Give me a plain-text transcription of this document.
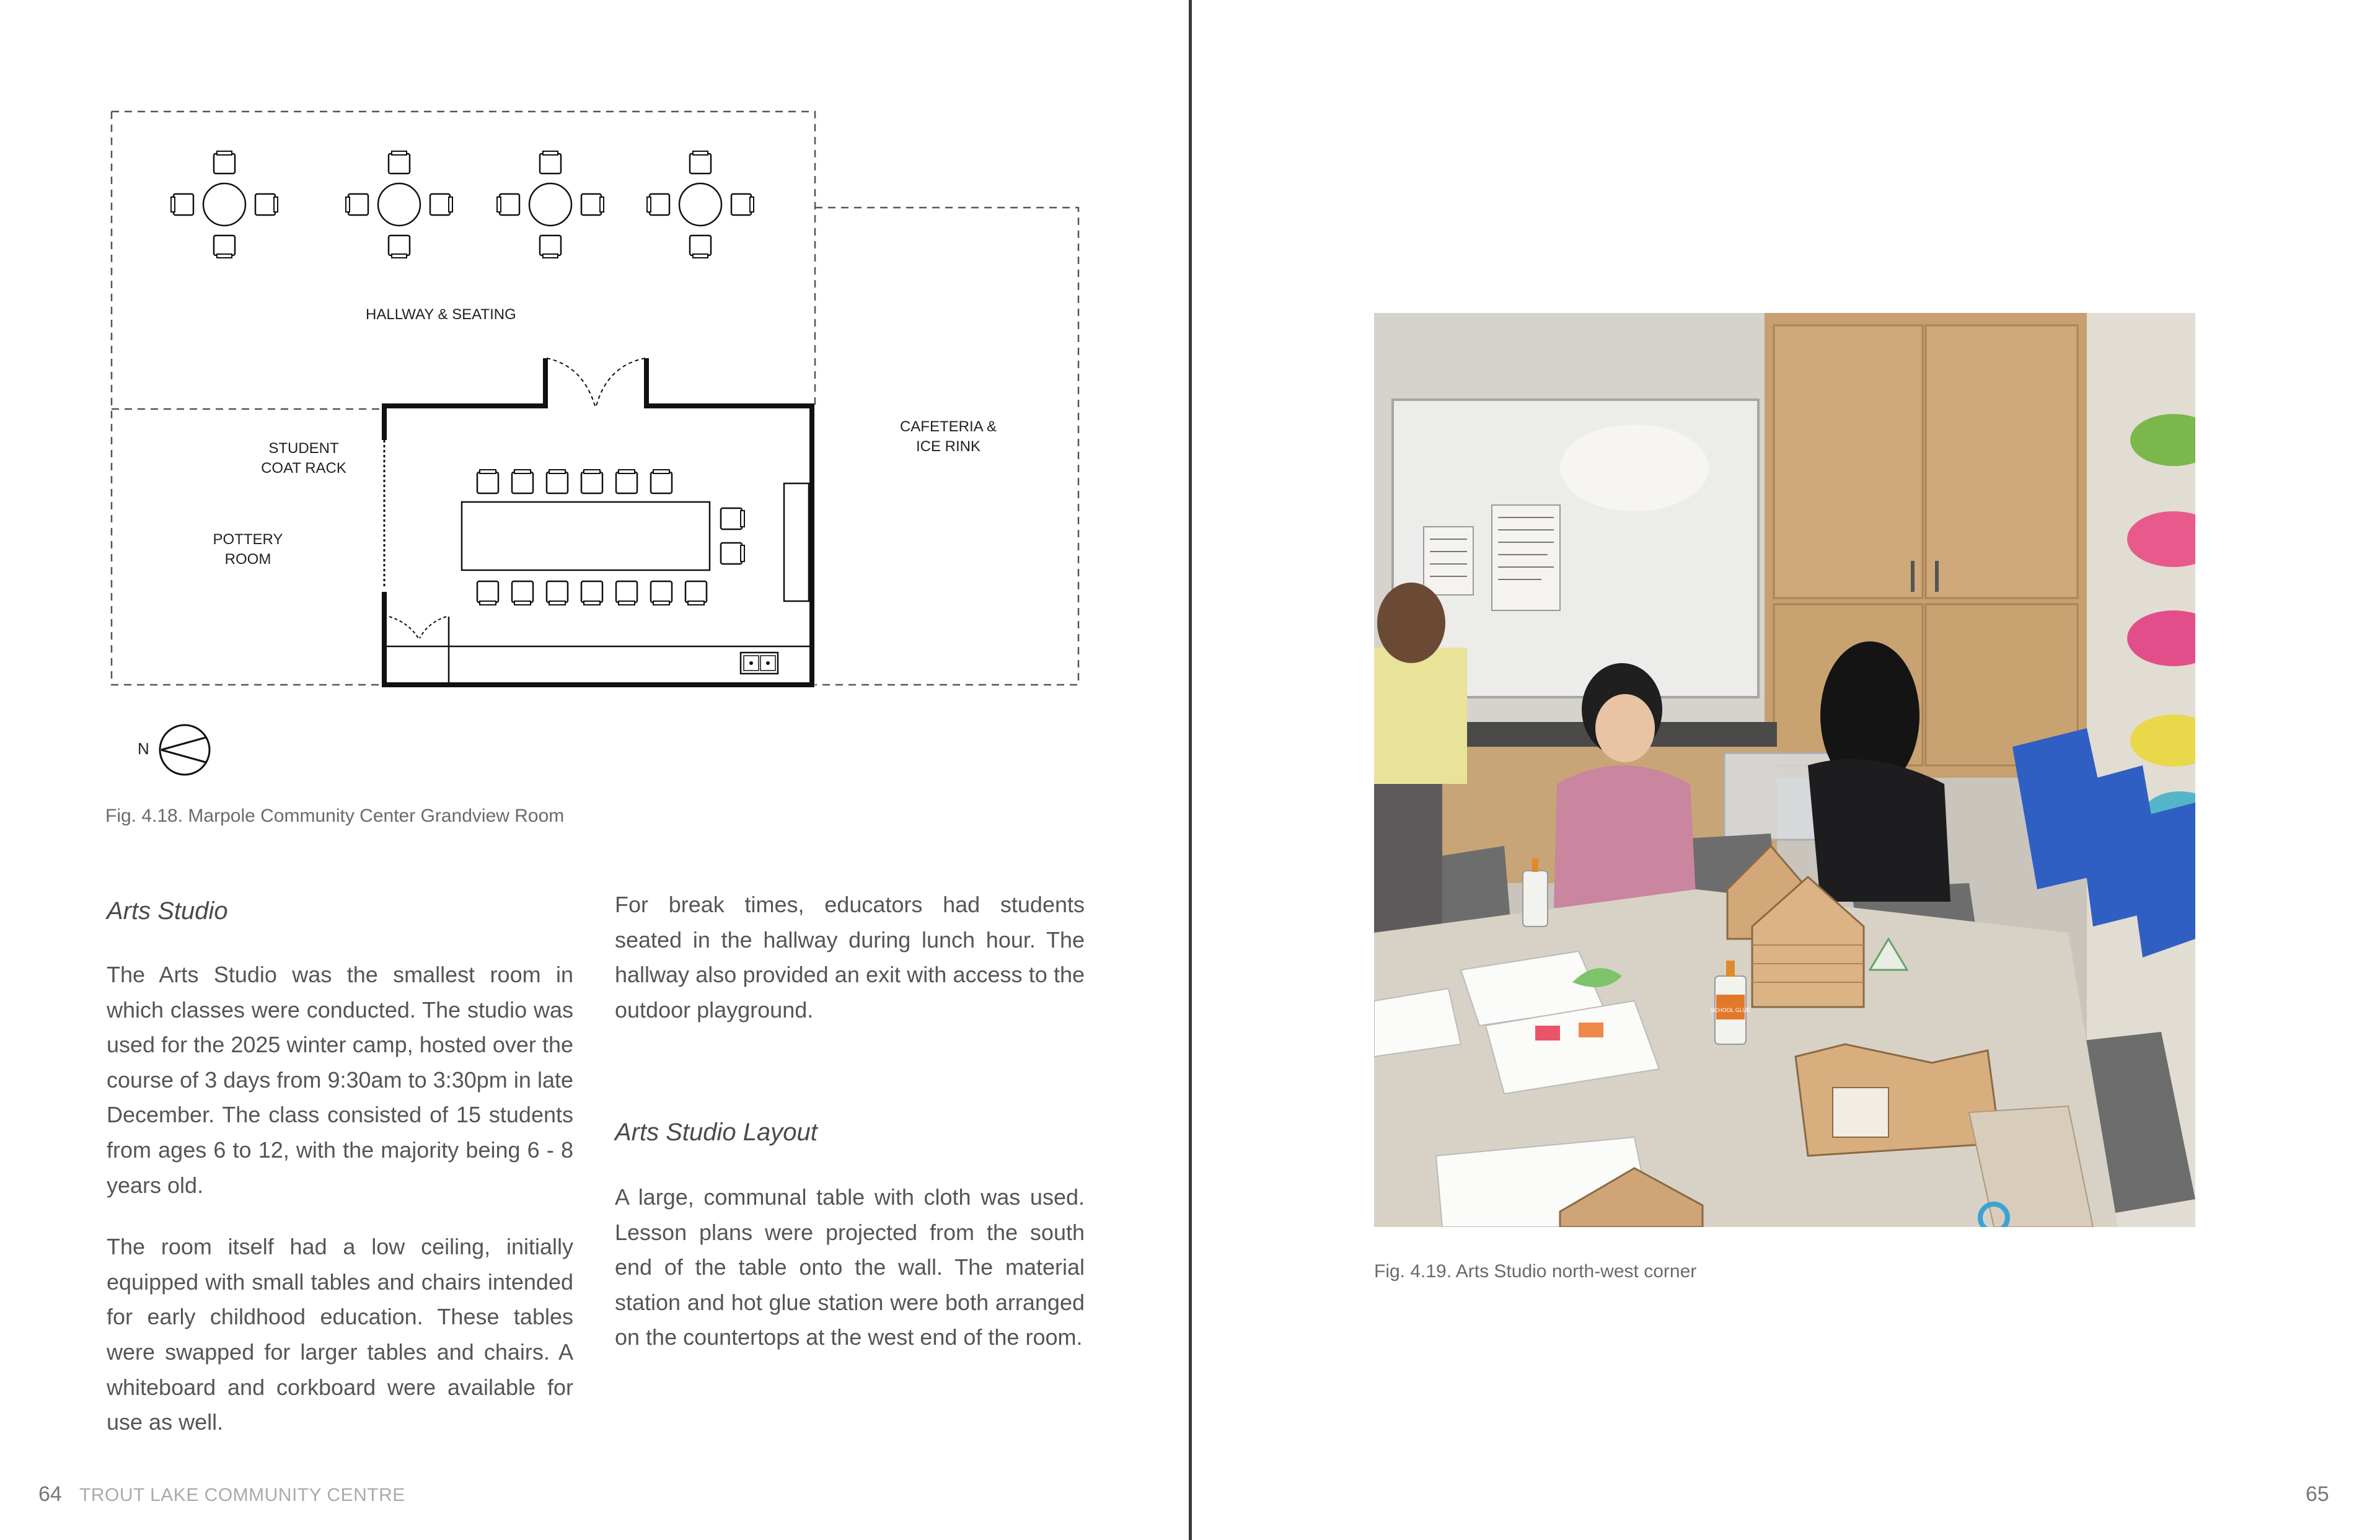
N
HALLWAY & SEATING
STUDENT
COAT RACK
POTTERY
ROOM
CAFETERIA &
ICE RINK
Fig. 4.18. Marpole Community Center Grandview Room
Arts Studio

The Arts Studio was the smallest room in which classes were conducted. The studio was used for the 2025 winter camp, hosted over the course of 3 days from 9:30am to 3:30pm in late December. The class consisted of 15 students from ages 6 to 12, with the majority being 6 - 8 years old.

The room itself had a low ceiling, initially equipped with small tables and chairs intended for early childhood education. These tables were swapped for larger tables and chairs. A whiteboard and corkboard were available for use as well.

For break times, educators had students seated in the hallway during lunch hour. The hallway also provided an exit with access to the outdoor playground.
Arts Studio Layout
A large, communal table with cloth was used. Lesson plans were projected from the south end of the table onto the wall. The material station and hot glue station were both arranged on the countertops at the west end of the room.
64 TROUT LAKE COMMUNITY CENTRE
SCHOOL GLUE
Fig. 4.19. Arts Studio north-west corner
65
